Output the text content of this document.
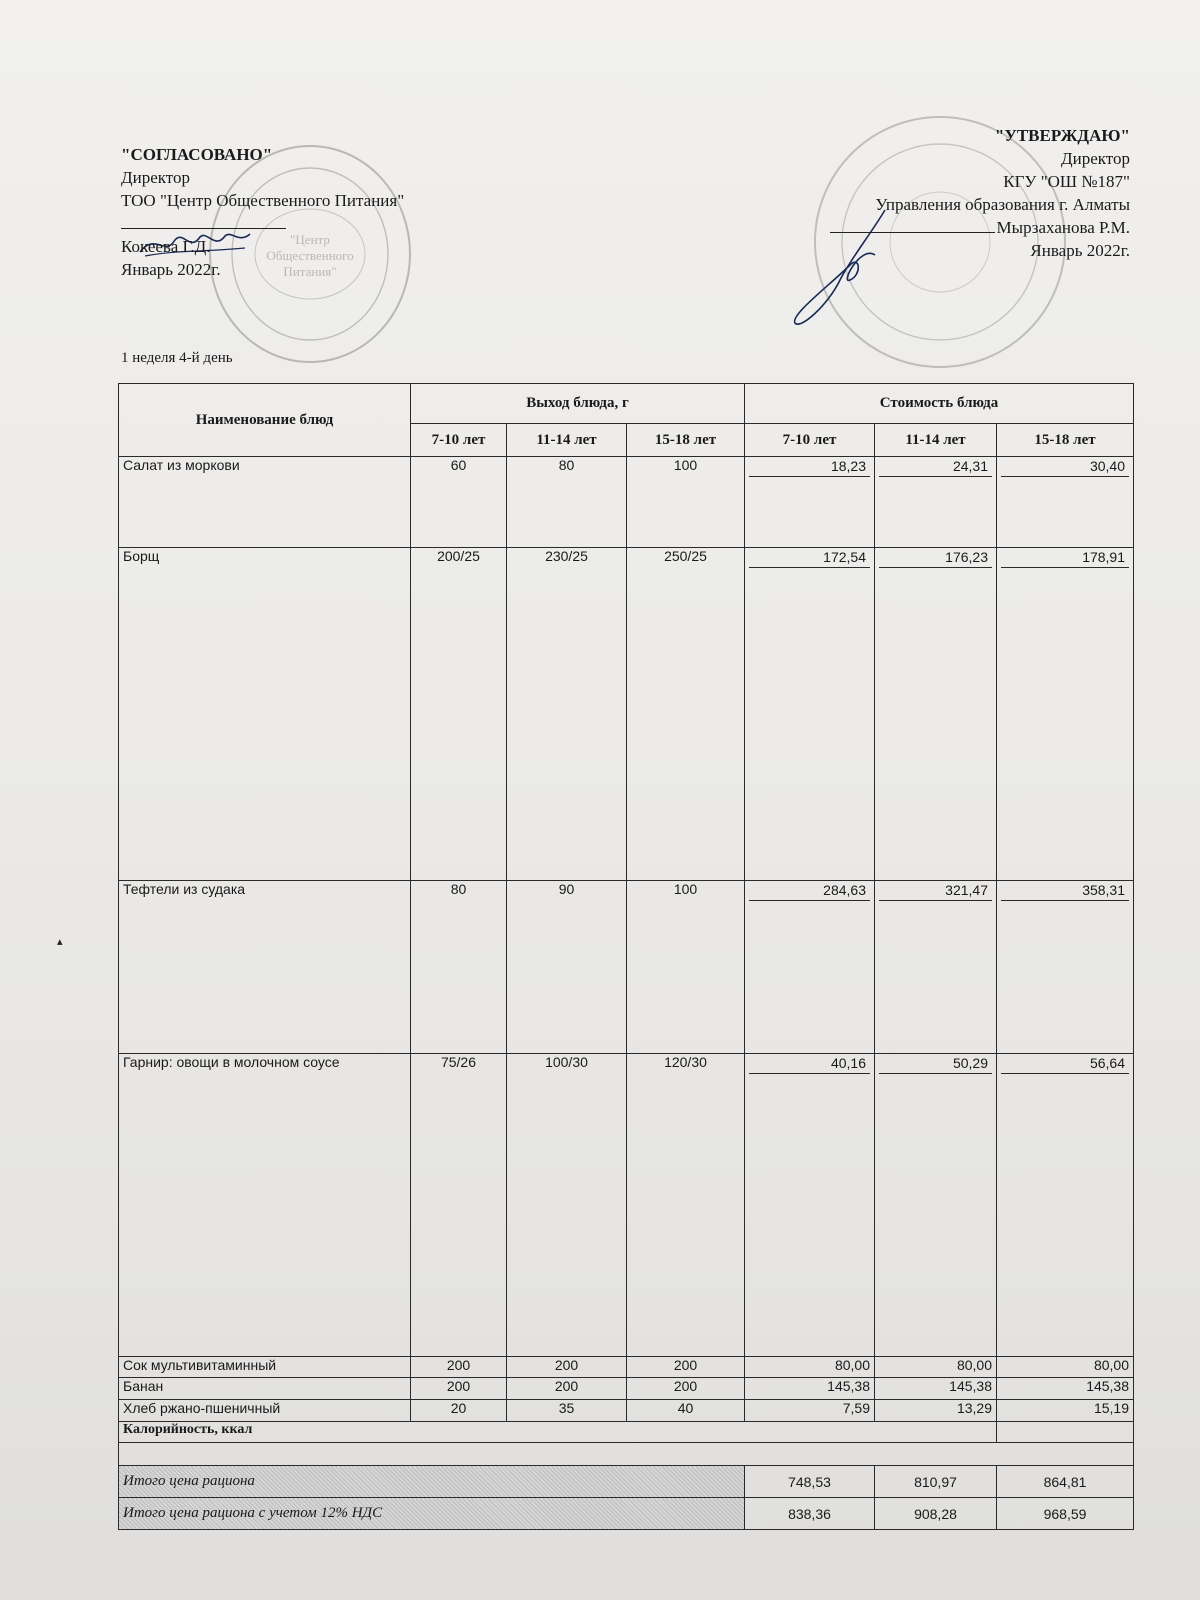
"Центр
Общественного
Питания"
"СОГЛАСОВАНО"
Директор
ТОО "Центр Общественного Питания"
Кокеева Г.Д.
Январь 2022г.
"УТВЕРЖДАЮ"
Директор
КГУ "ОШ №187"
Управления образования г. Алматы
Мырзаханова Р.М.
Январь 2022г.
1 неделя 4-й день
▴
Наименование блюд	Выход блюда, г			Стоимость блюда		
	7-10 лет	11-14 лет	15-18 лет	7-10 лет	11-14 лет	15-18 лет
Салат из моркови	60	80	100	18,23	24,31	30,40

Борщ	200/25	230/25	250/25	172,54	176,23	178,91

Тефтели из судака	80	90	100	284,63	321,47	358,31

Гарнир: овощи в молочном соусе	75/26	100/30	120/30	40,16	50,29	56,64

Сок мультивитаминный	200	200	200	80,00	80,00	80,00
Банан	200	200	200	145,38	145,38	145,38
Хлеб ржано-пшеничный	20	35	40	7,59	13,29	15,19
Калорийность, ккал						

Итого цена рациона				748,53	810,97	864,81
Итого цена рациона с учетом 12% НДС				838,36	908,28	968,59
